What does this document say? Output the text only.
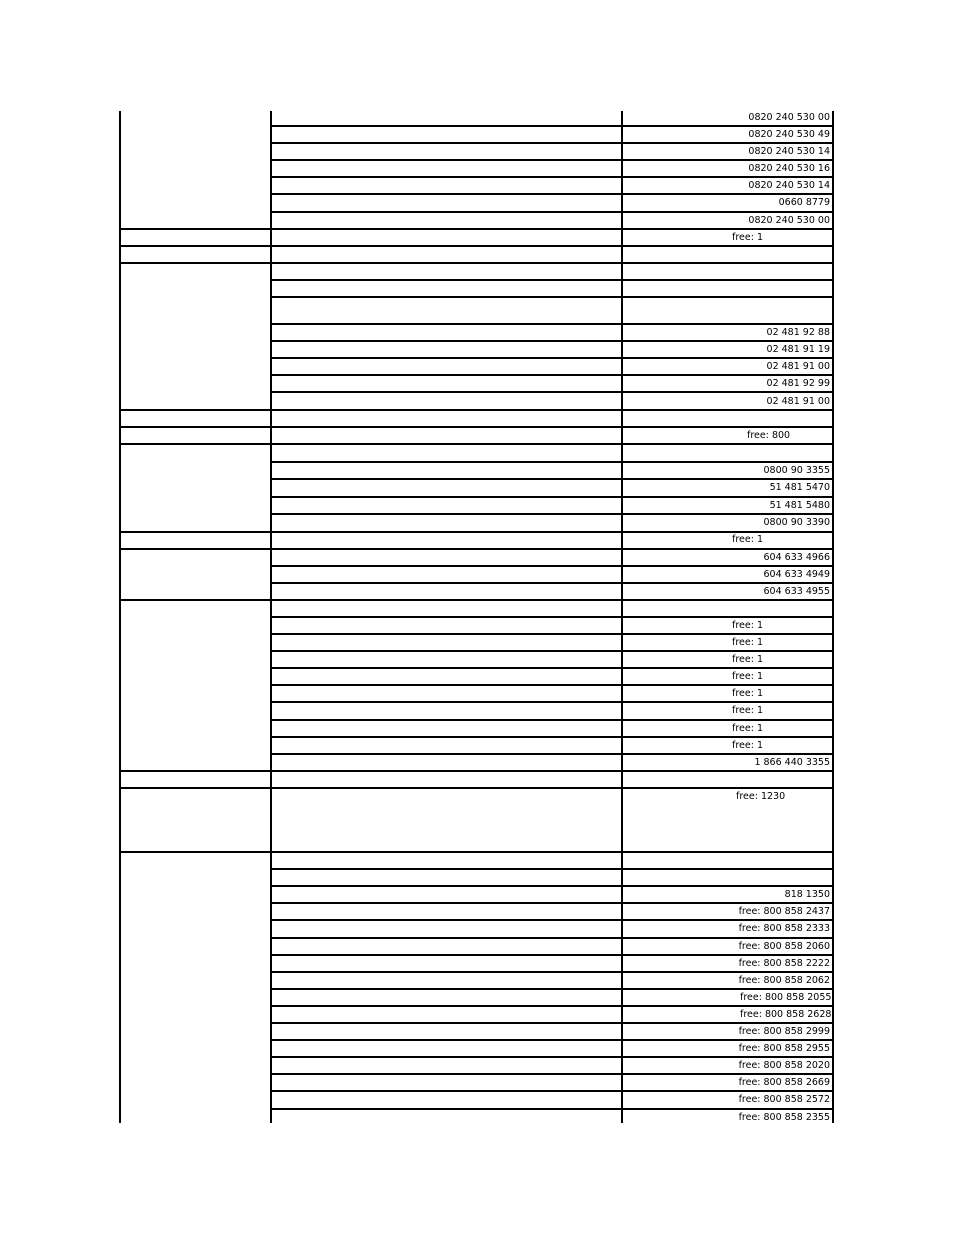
0820 240 530 00
0820 240 530 49
0820 240 530 14
0820 240 530 16
0820 240 530 14
0660 8779
0820 240 530 00
free: 1
02 481 92 88
02 481 91 19
02 481 91 00
02 481 92 99
02 481 91 00
free: 800
0800 90 3355
51 481 5470
51 481 5480
0800 90 3390
free: 1
604 633 4966
604 633 4949
604 633 4955
free: 1
free: 1
free: 1
free: 1
free: 1
free: 1
free: 1
free: 1
1 866 440 3355
free: 1230
818 1350
free: 800 858 2437
free: 800 858 2333
free: 800 858 2060
free: 800 858 2222
free: 800 858 2062
free: 800 858 2055
free: 800 858 2628
free: 800 858 2999
free: 800 858 2955
free: 800 858 2020
free: 800 858 2669
free: 800 858 2572
free: 800 858 2355
